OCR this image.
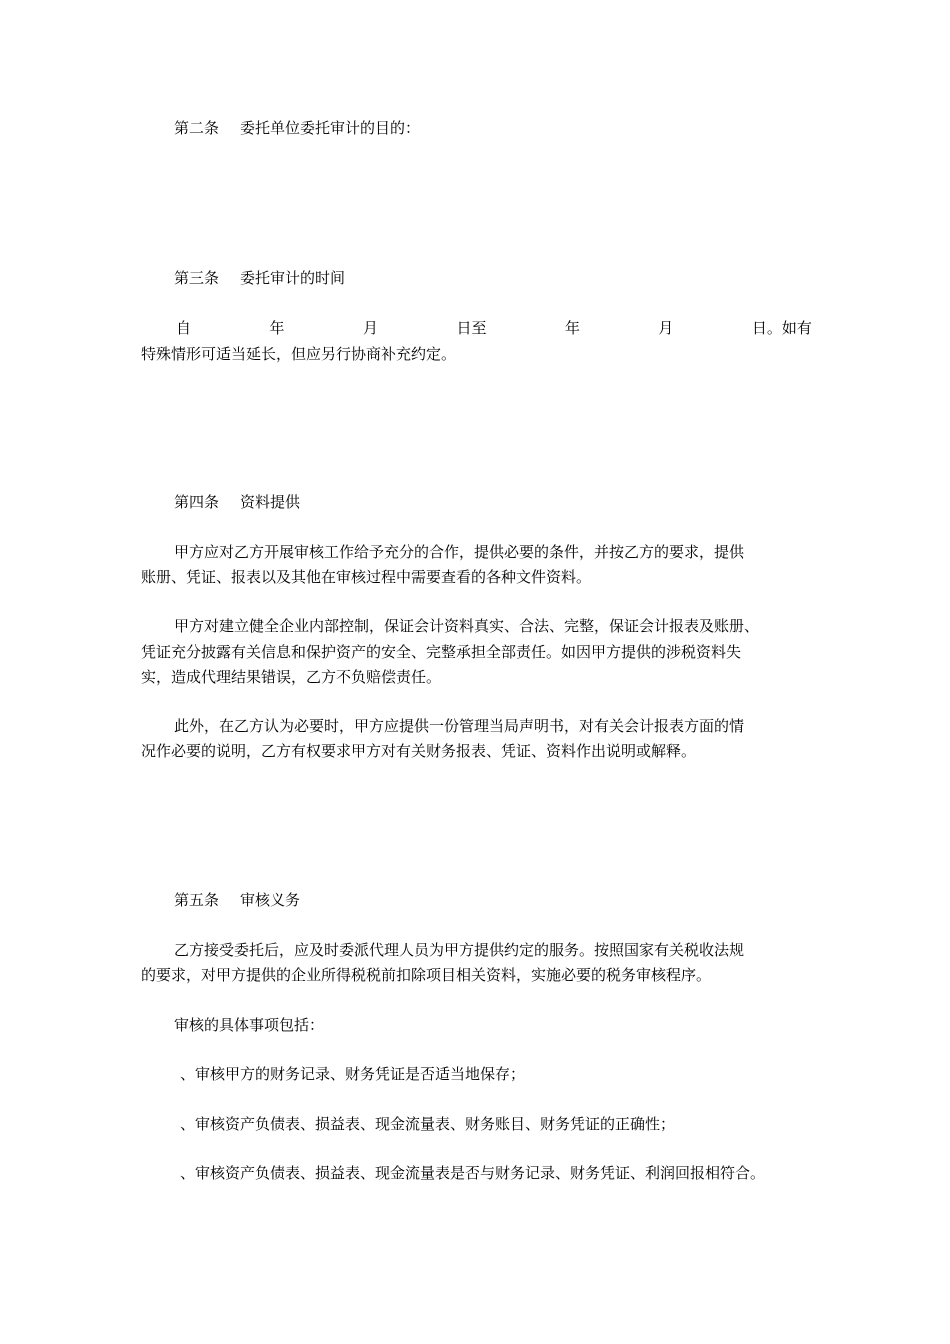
第二条 委托单位委托审计的目的：
第三条 委托审计的时间
自	年	月	日至	年	月	日。如有
特殊情形可适当延长，但应另行协商补充约定。
第四条 资料提供
甲方应对乙方开展审核工作给予充分的合作，提供必要的条件，并按乙方的要求，提供
账册、凭证、报表以及其他在审核过程中需要查看的各种文件资料。
甲方对建立健全企业内部控制，保证会计资料真实、合法、完整，保证会计报表及账册、
凭证充分披露有关信息和保护资产的安全、完整承担全部责任。如因甲方提供的涉税资料失
实，造成代理结果错误，乙方不负赔偿责任。
此外，在乙方认为必要时，甲方应提供一份管理当局声明书，对有关会计报表方面的情
况作必要的说明，乙方有权要求甲方对有关财务报表、凭证、资料作出说明或解释。
第五条 审核义务
乙方接受委托后，应及时委派代理人员为甲方提供约定的服务。按照国家有关税收法规
的要求，对甲方提供的企业所得税税前扣除项目相关资料，实施必要的税务审核程序。
审核的具体事项包括：
、审核甲方的财务记录、财务凭证是否适当地保存；
、审核资产负债表、损益表、现金流量表、财务账目、财务凭证的正确性；
、审核资产负债表、损益表、现金流量表是否与财务记录、财务凭证、利润回报相符合。
